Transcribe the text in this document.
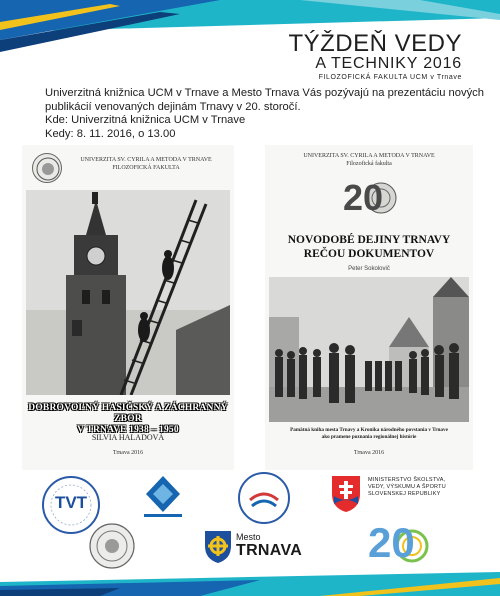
TÝŽDEŇ VEDY
A TECHNIKY 2016
FILOZOFICKÁ FAKULTA UCM v Trnave
Univerzitná knižnica UCM v Trnave a Mesto Trnava Vás pozývajú na prezentáciu nových
publikácií venovaných dejinám Trnavy v 20. storočí.
Kde: Univerzitná knižnica UCM v Trnave
Kedy: 8. 11. 2016, o 13.00
UNIVERZITA SV. CYRILA A METODA V TRNAVE
FILOZOFICKÁ FAKULTA
DOBROVOĽNÝ HASIČSKÝ A ZÁCHRANNÝ ZBOR
V TRNAVE 1938 – 1950
SILVIA HALADOVÁ
Trnava 2016
UNIVERZITA SV. CYRILA A METODA V TRNAVE
Filozofická fakulta
20
NOVODOBÉ DEJINY TRNAVY
REČOU DOKUMENTOV
Peter Sokolovič
Pamätná kniha mesta Trnavy a Kronika národného povstania v Trnave
ako pramene poznania regionálnej histórie
Trnava 2016
TVT
MINISTERSTVO ŠKOLSTVA,
VEDY, VÝSKUMU A ŠPORTU
SLOVENSKEJ REPUBLIKY
Mesto
TRNAVA 20
